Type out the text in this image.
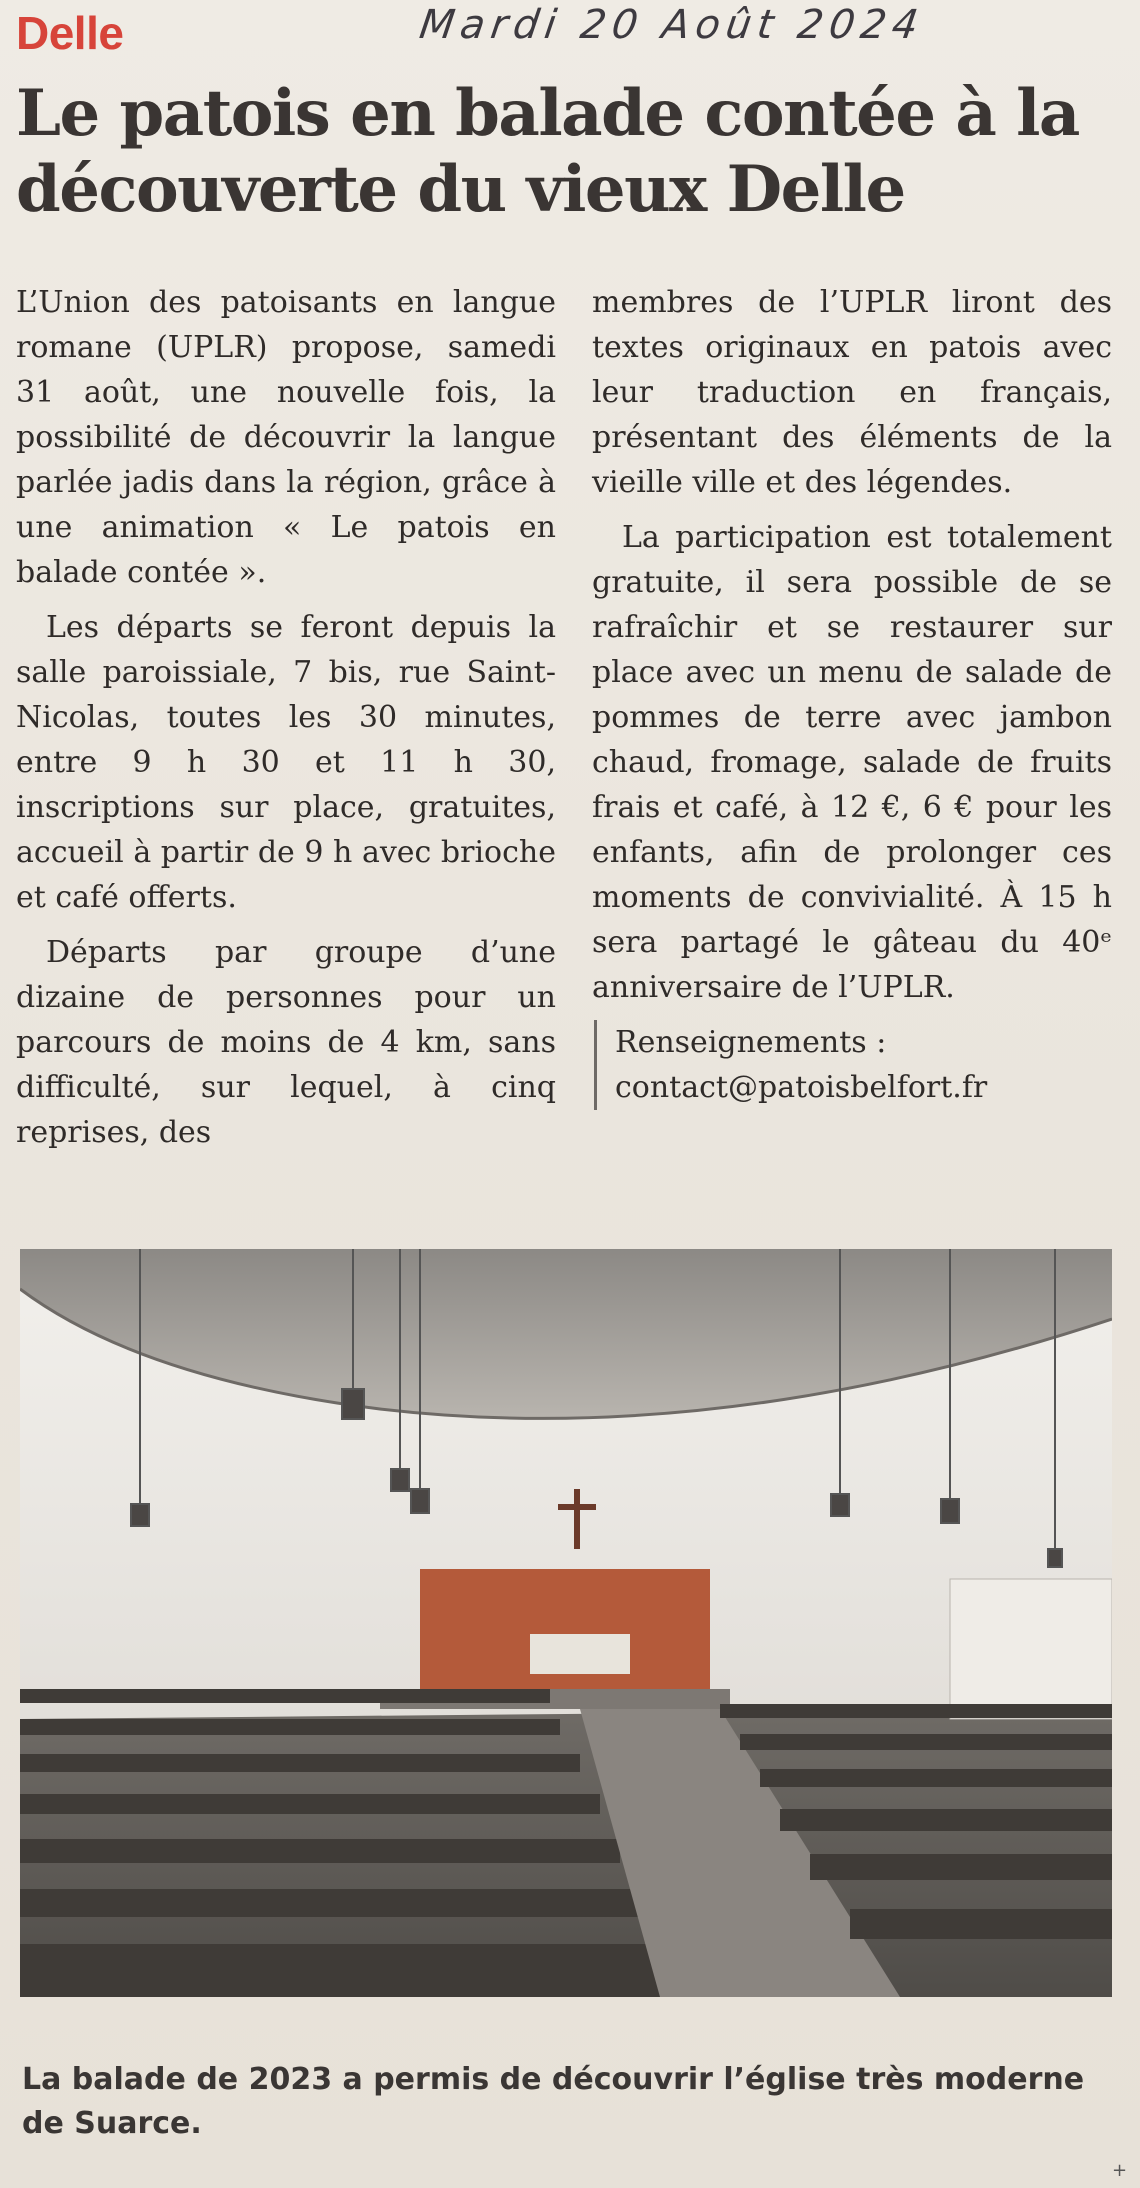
Delle	Mardi 20 Août 2024
Le patois en balade contée à la découverte du vieux Delle

L’Union des patoisants en langue romane (UPLR) propose, samedi 31 août, une nouvelle fois, la possibilité de découvrir la langue parlée jadis dans la région, grâce à une animation « Le patois en balade contée ».

Les départs se feront depuis la salle paroissiale, 7 bis, rue Saint-Nicolas, toutes les 30 minutes, entre 9 h 30 et 11 h 30, inscriptions sur place, gratuites, accueil à partir de 9 h avec brioche et café offerts.

Départs par groupe d’une dizaine de personnes pour un parcours de moins de 4 km, sans difficulté, sur lequel, à cinq reprises, des

membres de l’UPLR liront des textes originaux en patois avec leur traduction en français, présentant des éléments de la vieille ville et des légendes.

La participation est totalement gratuite, il sera possible de se rafraîchir et se restaurer sur place avec un menu de salade de pommes de terre avec jambon chaud, fromage, salade de fruits frais et café, à 12 €, 6 € pour les enfants, afin de prolonger ces moments de convivialité. À 15 h sera partagé le gâteau du 40ᵉ anniversaire de l’UPLR.

Renseignements : contact@patoisbelfort.fr

La balade de 2023 a permis de découvrir l’église très moderne de Suarce.

+
